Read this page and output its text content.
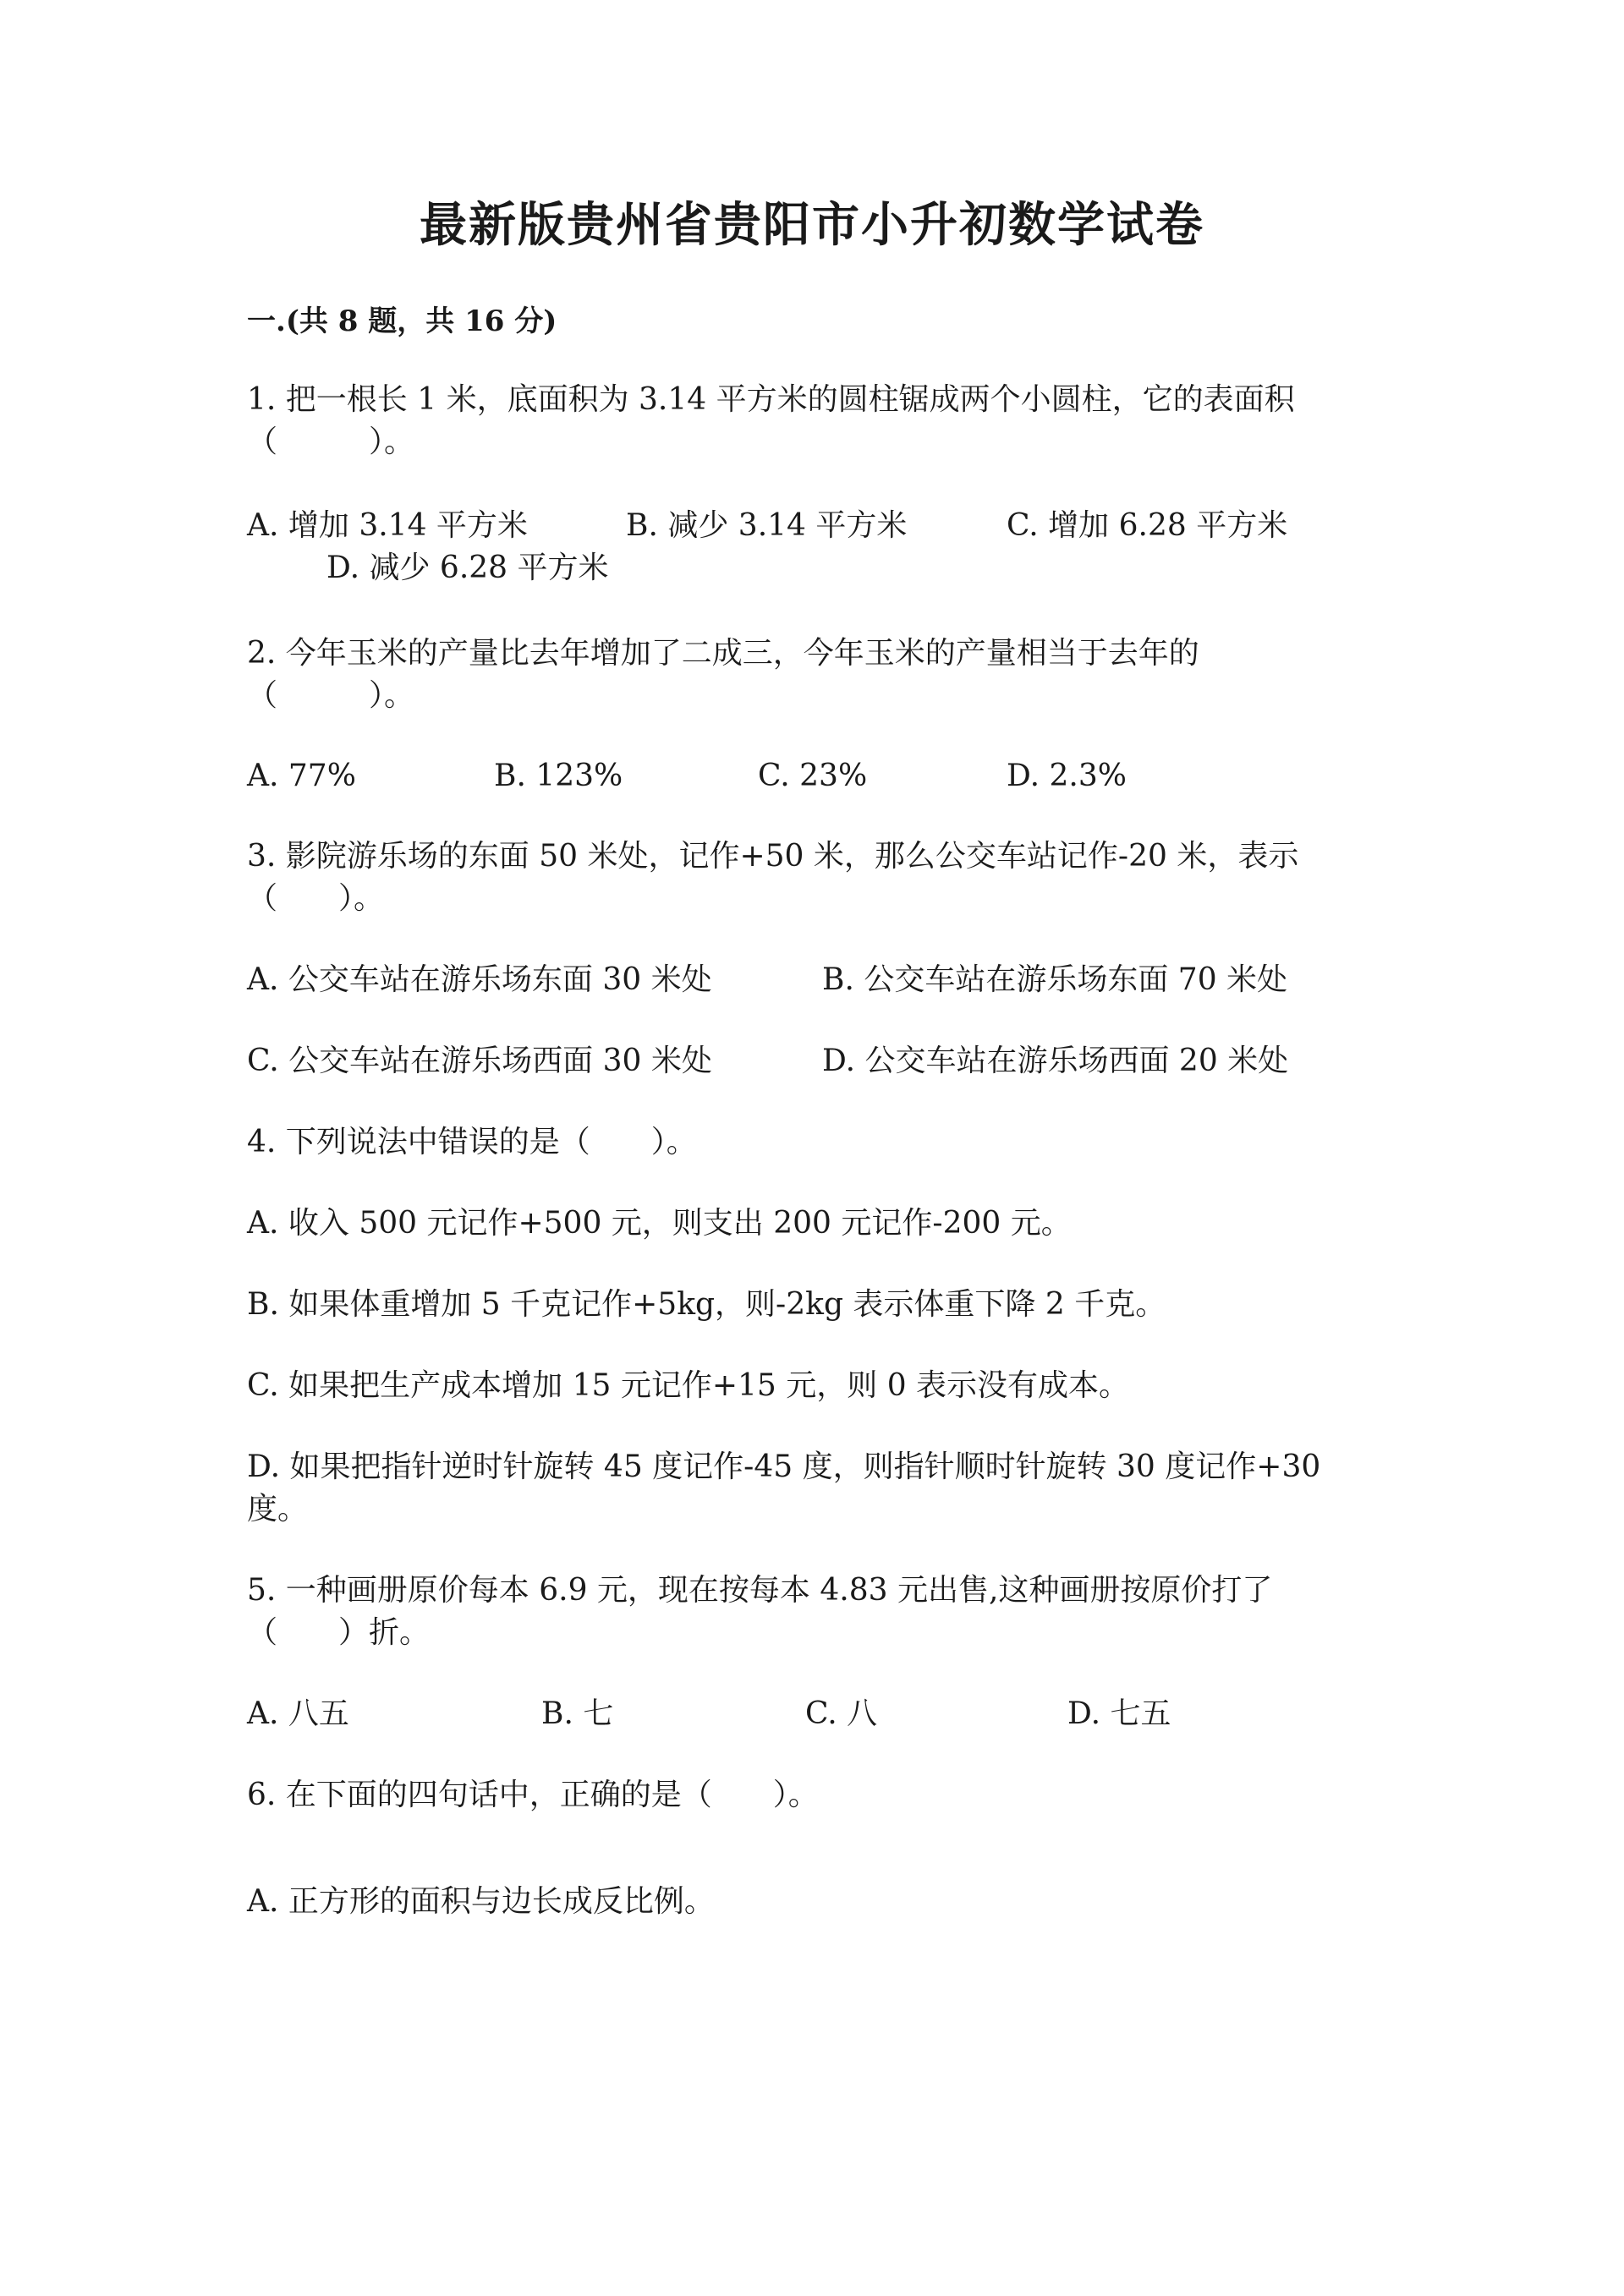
最新版贵州省贵阳市小升初数学试卷
一.(共 8 题，共 16 分)
1. 把一根长 1 米，底面积为 3.14 平方米的圆柱锯成两个小圆柱，它的表面积
（　　　）。
A. 增加 3.14 平方米	B. 减少 3.14 平方米	C. 增加 6.28 平方米
D. 减少 6.28 平方米
2. 今年玉米的产量比去年增加了二成三，今年玉米的产量相当于去年的
（　　　）。
A. 77%	B. 123%	C. 23%	D. 2.3%
3. 影院游乐场的东面 50 米处，记作+50 米，那么公交车站记作-20 米，表示
（　　）。
A. 公交车站在游乐场东面 30 米处	B. 公交车站在游乐场东面 70 米处
C. 公交车站在游乐场西面 30 米处	D. 公交车站在游乐场西面 20 米处
4. 下列说法中错误的是（　　）。
A. 收入 500 元记作+500 元，则支出 200 元记作-200 元。
B. 如果体重增加 5 千克记作+5kg，则-2kg 表示体重下降 2 千克。
C. 如果把生产成本增加 15 元记作+15 元，则 0 表示没有成本。
D. 如果把指针逆时针旋转 45 度记作-45 度，则指针顺时针旋转 30 度记作+30
度。
5. 一种画册原价每本 6.9 元，现在按每本 4.83 元出售,这种画册按原价打了
（　　）折。
A. 八五	B. 七	C. 八	D. 七五
6. 在下面的四句话中，正确的是（　　）。
A. 正方形的面积与边长成反比例。
